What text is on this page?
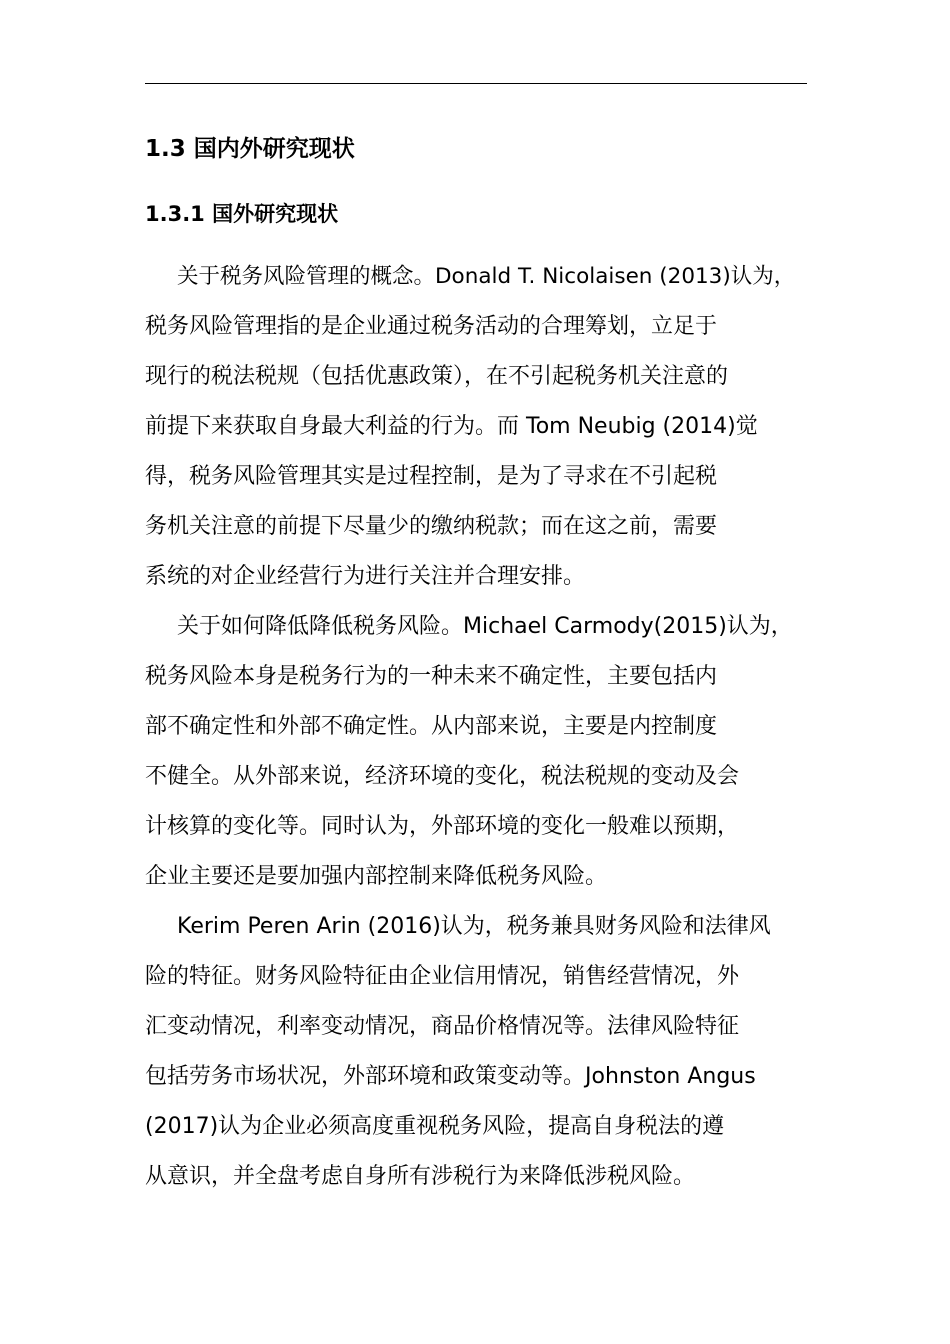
1.3 国内外研究现状
1.3.1 国外研究现状
关于税务风险管理的概念。Donald T. Nicolaisen (2013)认为，
税务风险管理指的是企业通过税务活动的合理筹划，立足于
现行的税法税规（包括优惠政策），在不引起税务机关注意的
前提下来获取自身最大利益的行为。而 Tom Neubig (2014)觉
得，税务风险管理其实是过程控制，是为了寻求在不引起税
务机关注意的前提下尽量少的缴纳税款；而在这之前，需要
系统的对企业经营行为进行关注并合理安排。
关于如何降低降低税务风险。Michael Carmody(2015)认为，
税务风险本身是税务行为的一种未来不确定性，主要包括内
部不确定性和外部不确定性。从内部来说，主要是内控制度
不健全。从外部来说，经济环境的变化，税法税规的变动及会
计核算的变化等。同时认为，外部环境的变化一般难以预期，
企业主要还是要加强内部控制来降低税务风险。
Kerim Peren Arin (2016)认为，税务兼具财务风险和法律风
险的特征。财务风险特征由企业信用情况，销售经营情况，外
汇变动情况，利率变动情况，商品价格情况等。法律风险特征
包括劳务市场状况，外部环境和政策变动等。Johnston Angus
(2017)认为企业必须高度重视税务风险，提高自身税法的遵
从意识，并全盘考虑自身所有涉税行为来降低涉税风险。
